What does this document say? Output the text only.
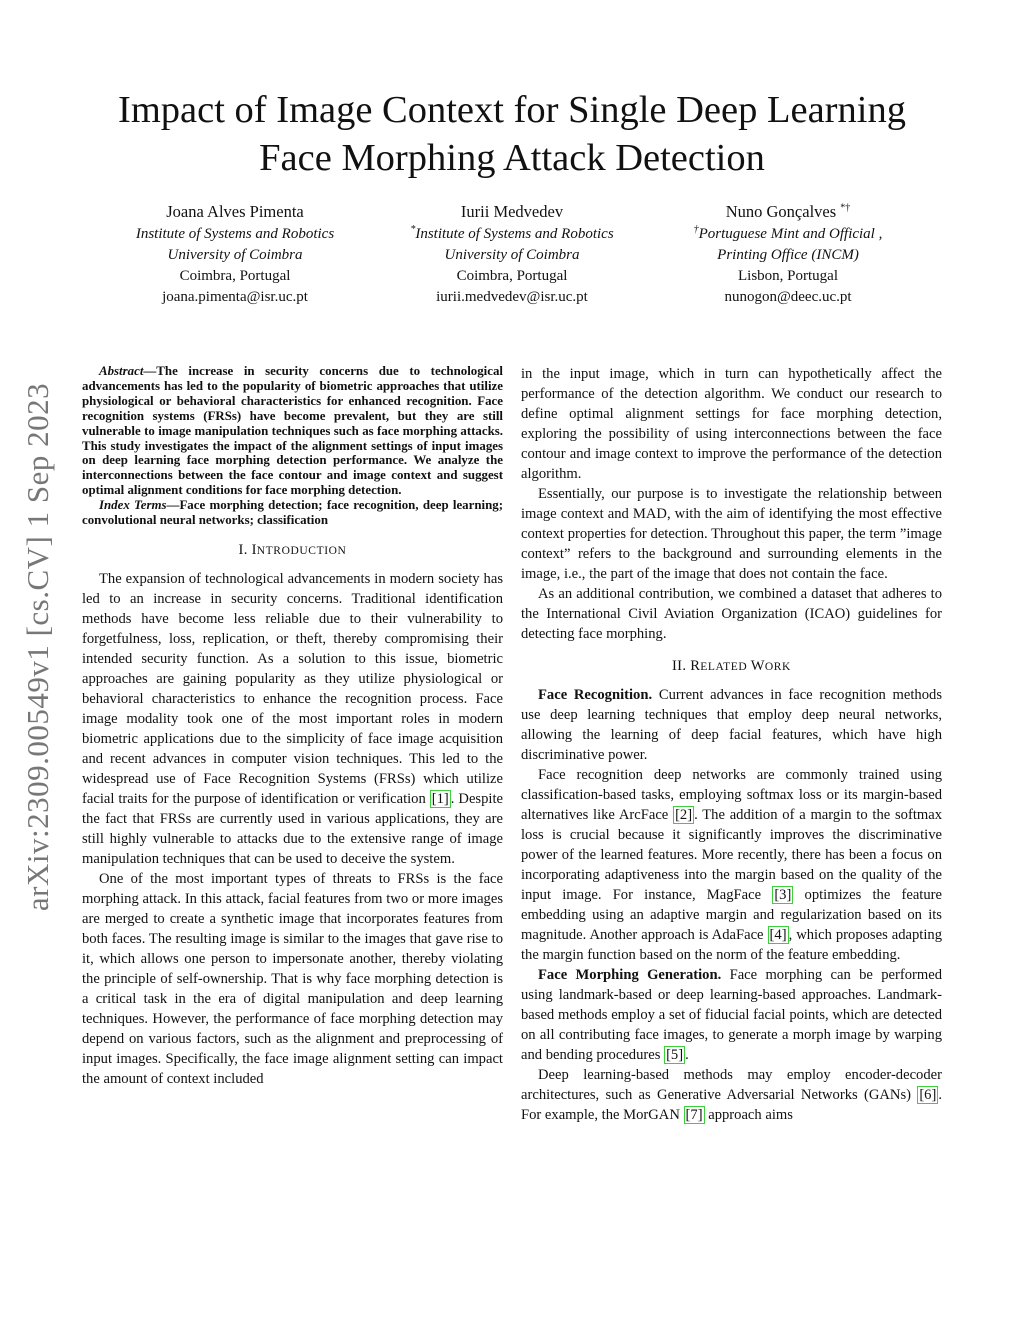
arXiv:2309.00549v1 [cs.CV] 1 Sep 2023
Impact of Image Context for Single Deep Learning
Face Morphing Attack Detection
Joana Alves Pimenta
Institute of Systems and Robotics
University of Coimbra
Coimbra, Portugal
joana.pimenta@isr.uc.pt
Iurii Medvedev
*Institute of Systems and Robotics
University of Coimbra
Coimbra, Portugal
iurii.medvedev@isr.uc.pt
Nuno Gonçalves *†
†Portuguese Mint and Official ,
Printing Office (INCM)
Lisbon, Portugal
nunogon@deec.uc.pt

Abstract—The increase in security concerns due to technological advancements has led to the popularity of biometric approaches that utilize physiological or behavioral characteristics for enhanced recognition. Face recognition systems (FRSs) have become prevalent, but they are still vulnerable to image manipulation techniques such as face morphing attacks. This study investigates the impact of the alignment settings of input images on deep learning face morphing detection performance. We analyze the interconnections between the face contour and image context and suggest optimal alignment conditions for face morphing detection.

Index Terms—Face morphing detection; face recognition, deep learning; convolutional neural networks; classification

I. INTRODUCTION

The expansion of technological advancements in modern society has led to an increase in security concerns. Traditional identification methods have become less reliable due to their vulnerability to forgetfulness, loss, replication, or theft, thereby compromising their intended security function. As a solution to this issue, biometric approaches are gaining popularity as they utilize physiological or behavioral characteristics to enhance the recognition process. Face image modality took one of the most important roles in modern biometric applications due to the simplicity of face image acquisition and recent advances in computer vision techniques. This led to the widespread use of Face Recognition Systems (FRSs) which utilize facial traits for the purpose of identification or verification [1] . Despite the fact that FRSs are currently used in various applications, they are still highly vulnerable to attacks due to the extensive range of image manipulation techniques that can be used to deceive the system.

One of the most important types of threats to FRSs is the face morphing attack. In this attack, facial features from two or more images are merged to create a synthetic image that incorporates features from both faces. The resulting image is similar to the images that gave rise to it, which allows one person to impersonate another, thereby violating the principle of self-ownership. That is why face morphing detection is a critical task in the era of digital manipulation and deep learning techniques. However, the performance of face morphing detection may depend on various factors, such as the alignment and preprocessing of input images. Specifically, the face image alignment setting can impact the amount of context included

in the input image, which in turn can hypothetically affect the performance of the detection algorithm. We conduct our research to define optimal alignment settings for face morphing detection, exploring the possibility of using interconnections between the face contour and image context to improve the performance of the detection algorithm.

Essentially, our purpose is to investigate the relationship between image context and MAD, with the aim of identifying the most effective context properties for detection. Throughout this paper, the term ”image context” refers to the background and surrounding elements in the image, i.e., the part of the image that does not contain the face.

As an additional contribution, we combined a dataset that adheres to the International Civil Aviation Organization (ICAO) guidelines for detecting face morphing.

II. RELATED WORK

Face Recognition. Current advances in face recognition methods use deep learning techniques that employ deep neural networks, allowing the learning of deep facial features, which have high discriminative power.

Face recognition deep networks are commonly trained using classification-based tasks, employing softmax loss or its margin-based alternatives like ArcFace [2] . The addition of a margin to the softmax loss is crucial because it significantly improves the discriminative power of the learned features. More recently, there has been a focus on incorporating adaptiveness into the margin based on the quality of the input image. For instance, MagFace [3] optimizes the feature embedding using an adaptive margin and regularization based on its magnitude. Another approach is AdaFace [4] , which proposes adapting the margin function based on the norm of the feature embedding.

Face Morphing Generation. Face morphing can be performed using landmark-based or deep learning-based approaches. Landmark-based methods employ a set of fiducial facial points, which are detected on all contributing face images, to generate a morph image by warping and bending procedures [5] .

Deep learning-based methods may employ encoder-decoder architectures, such as Generative Adversarial Networks (GANs) [6] . For example, the MorGAN [7] approach aims
